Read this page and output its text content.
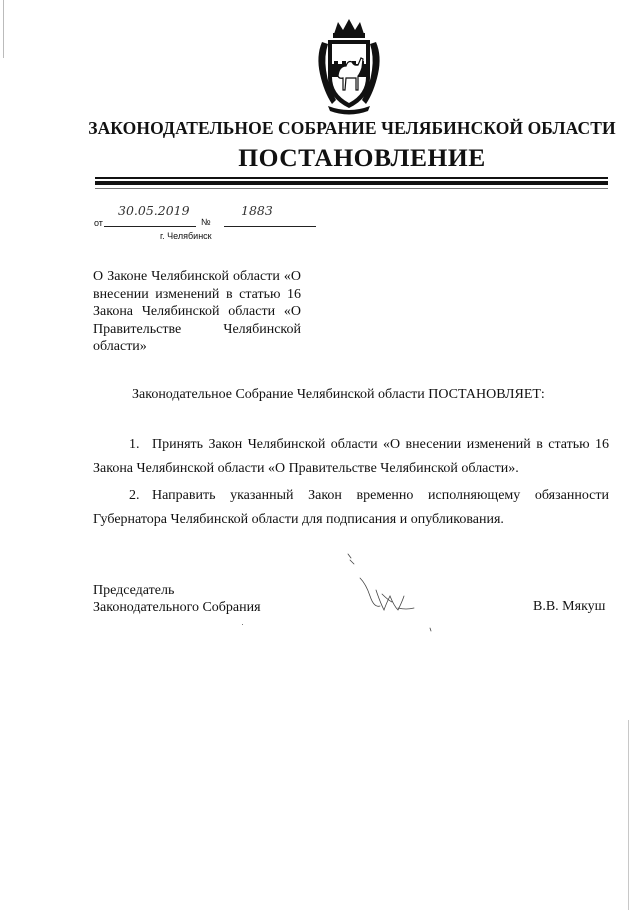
ЗАКОНОДАТЕЛЬНОЕ СОБРАНИЕ ЧЕЛЯБИНСКОЙ ОБЛАСТИ
ПОСТАНОВЛЕНИЕ
от
30.05.2019
№
1883
г. Челябинск

О Законе Челябинской области «О внесении изменений в статью 16 Закона Челябинской области «О Правительстве Челябинской области»

Законодательное Собрание Челябинской области ПОСТАНОВЛЯЕТ:

1. Принять Закон Челябинской области «О внесении изменений в статью 16 Закона Челябинской области «О Правительстве Челябинской области».

2. Направить указанный Закон временно исполняющему обязанности Губернатора Челябинской области для подписания и опубликования.

Председатель
Законодательного Собрания	В.В. Мякуш
